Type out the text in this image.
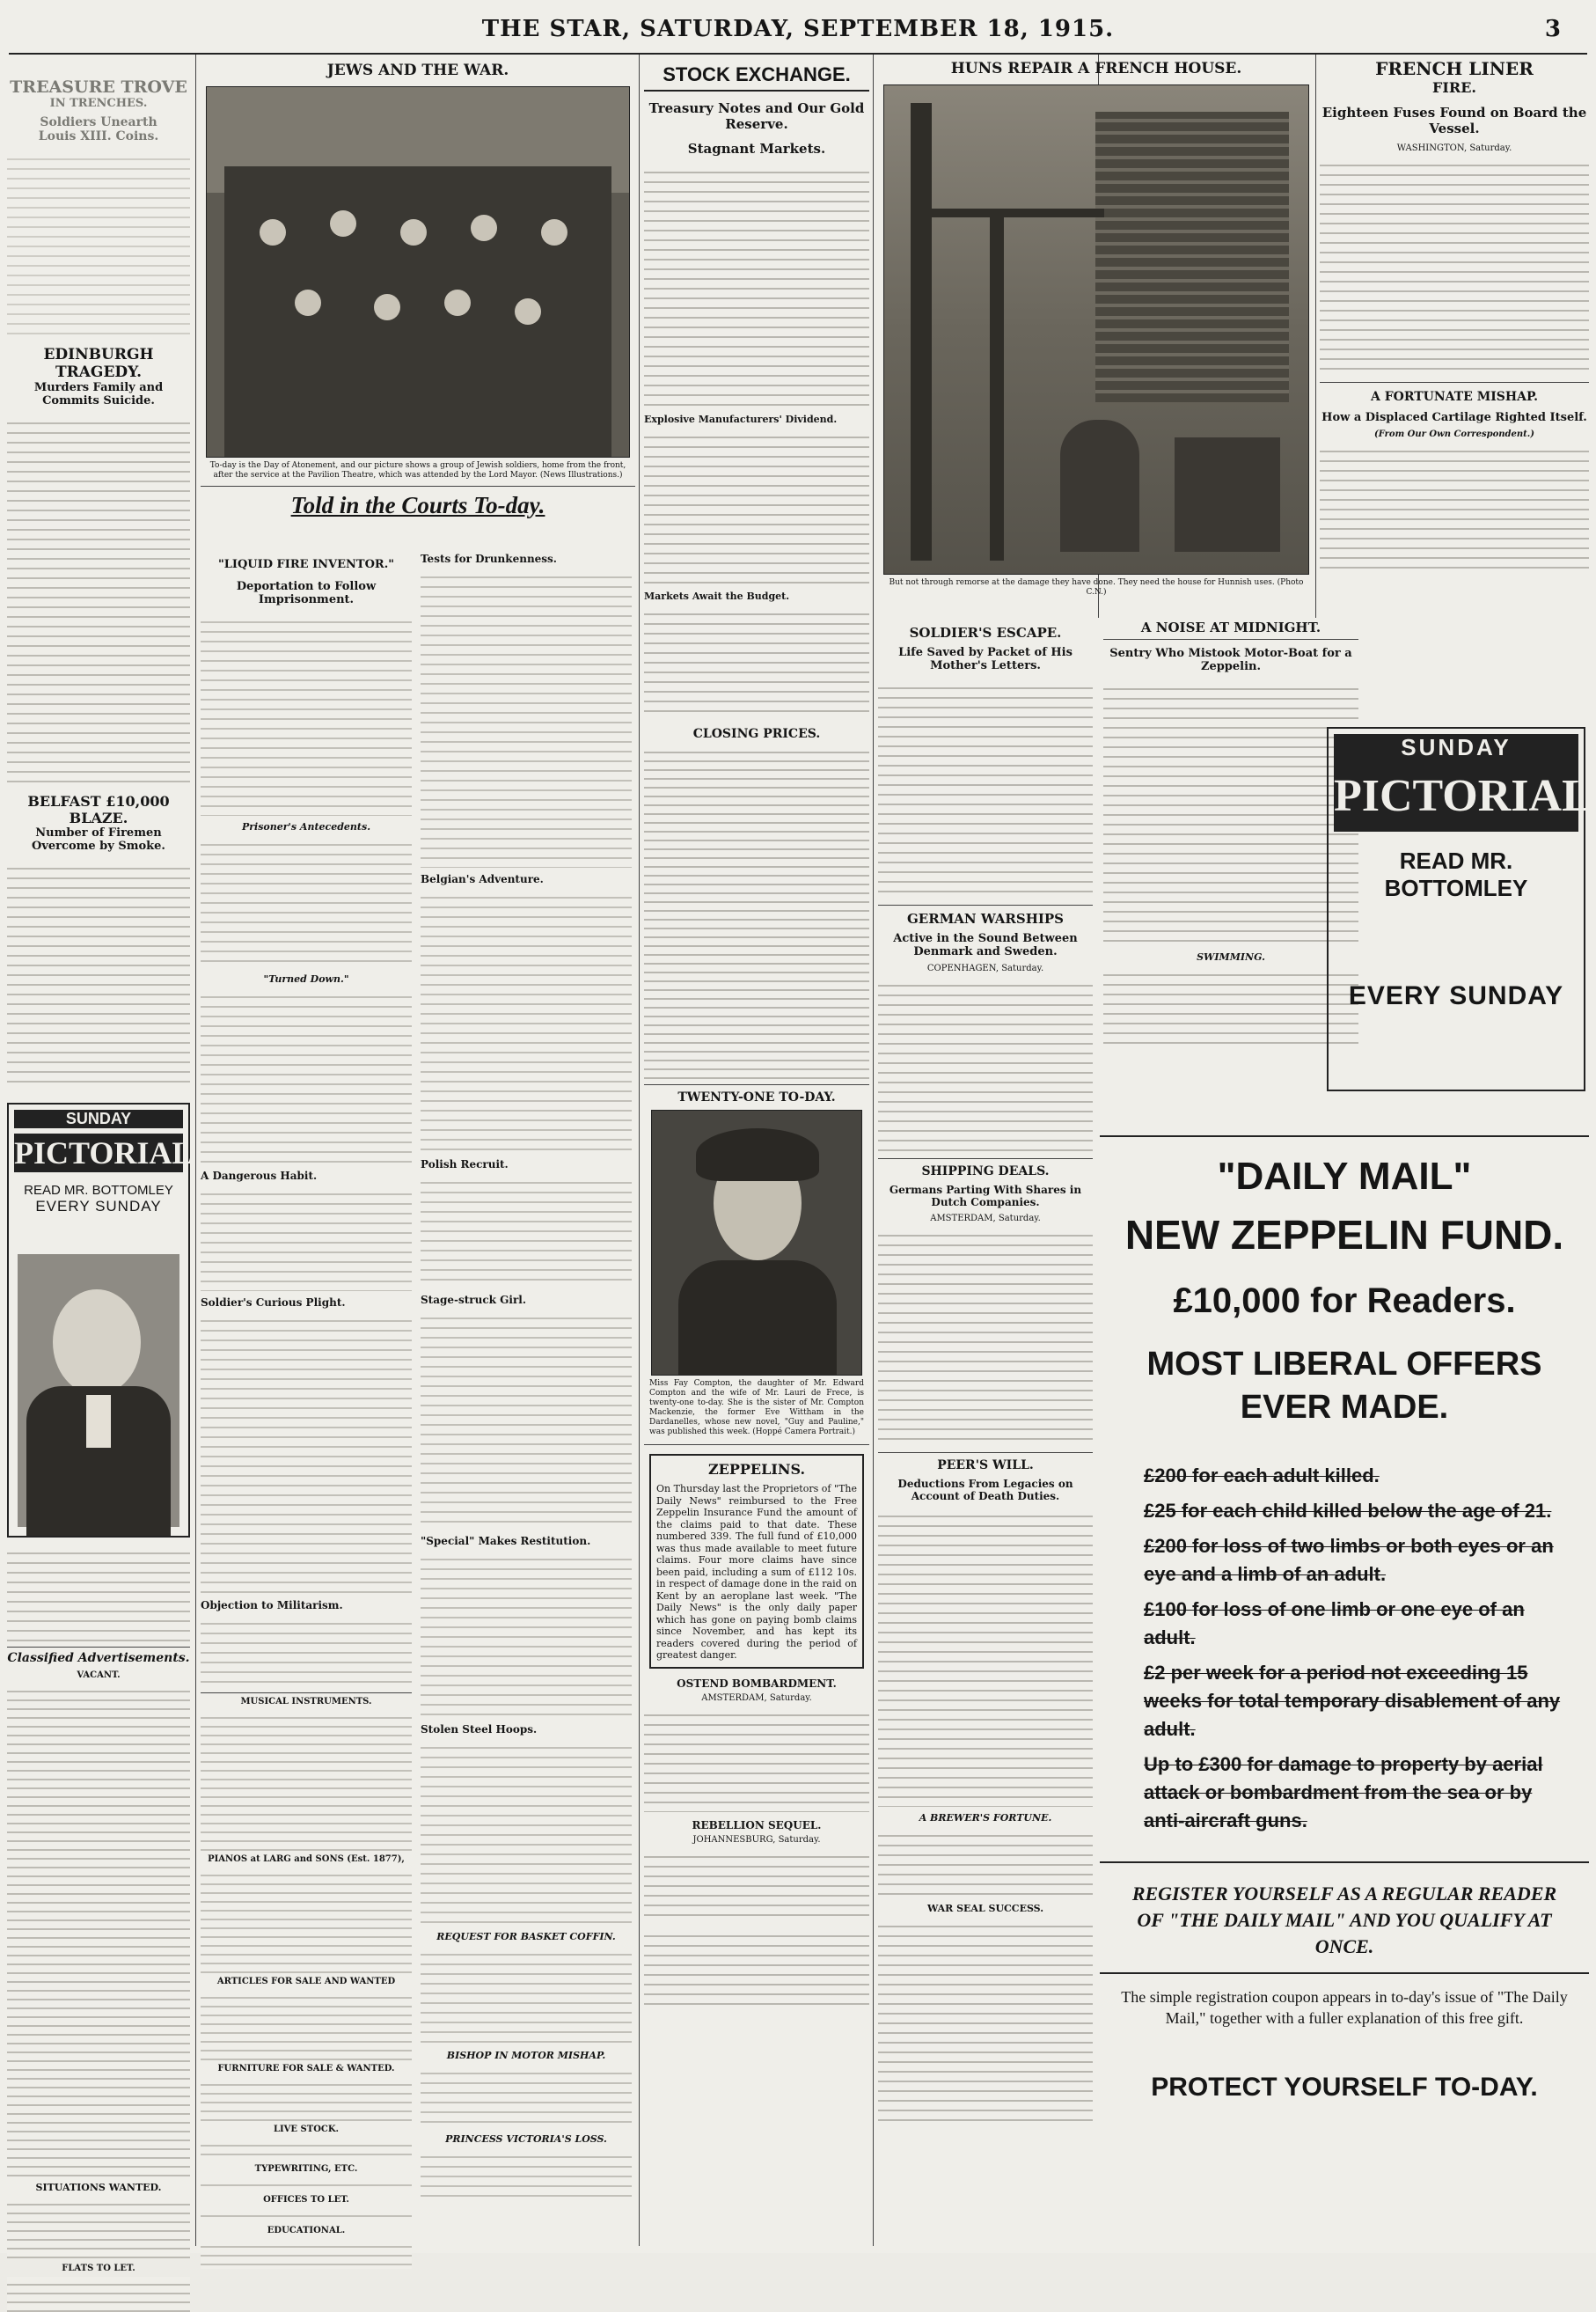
THE STAR, SATURDAY, SEPTEMBER 18, 1915.	3
TREASURE TROVE
IN TRENCHES.
Soldiers Unearth
Louis XIII. Coins.
EDINBURGH TRAGEDY.
Murders Family and Commits Suicide.
BELFAST £10,000 BLAZE.
Number of Firemen Overcome by Smoke.
SUNDAY
PICTORIAL
READ MR. BOTTOMLEY
EVERY SUNDAY
Classified Advertisements.
VACANT.
SITUATIONS WANTED.
FLATS TO LET.
JEWS AND THE WAR.
To-day is the Day of Atonement, and our picture shows a group of Jewish soldiers, home from the front, after the service at the Pavilion Theatre, which was attended by the Lord Mayor. (News Illustrations.)
Told in the Courts To-day.
"LIQUID FIRE INVENTOR."
Deportation to Follow Imprisonment.
Prisoner's Antecedents.
"Turned Down."
A Dangerous Habit.
Soldier's Curious Plight.
Objection to Militarism.
MUSICAL INSTRUMENTS.
PIANOS at LARG and SONS (Est. 1877),
ARTICLES FOR SALE AND WANTED
FURNITURE FOR SALE & WANTED.
LIVE STOCK.
TYPEWRITING, ETC.
OFFICES TO LET.
EDUCATIONAL.
Tests for Drunkenness.
Belgian's Adventure.
Polish Recruit.
Stage-struck Girl.
"Special" Makes Restitution.
Stolen Steel Hoops.
REQUEST FOR BASKET COFFIN.
BISHOP IN MOTOR MISHAP.
PRINCESS VICTORIA'S LOSS.
STOCK EXCHANGE.
Treasury Notes and Our Gold Reserve.
Stagnant Markets.
Explosive Manufacturers' Dividend.
Markets Await the Budget.
CLOSING PRICES.
TWENTY-ONE TO-DAY.
Miss Fay Compton, the daughter of Mr. Edward Compton and the wife of Mr. Lauri de Frece, is twenty-one to-day. She is the sister of Mr. Compton Mackenzie, the former Eve Wittham in the Dardanelles, whose new novel, "Guy and Pauline," was published this week. (Hoppé Camera Portrait.)
ZEPPELINS.
On Thursday last the Proprietors of "The Daily News" reimbursed to the Free Zeppelin Insurance Fund the amount of the claims paid to that date. These numbered 339. The full fund of £10,000 was thus made available to meet future claims. Four more claims have since been paid, including a sum of £112 10s. in respect of damage done in the raid on Kent by an aeroplane last week. "The Daily News" is the only daily paper which has gone on paying bomb claims since November, and has kept its readers covered during the period of greatest danger.
OSTEND BOMBARDMENT.
AMSTERDAM, Saturday.
REBELLION SEQUEL.
JOHANNESBURG, Saturday.
HUNS REPAIR A FRENCH HOUSE.
But not through remorse at the damage they have done. They need the house for Hunnish uses. (Photo C.N.)
SOLDIER'S ESCAPE.
Life Saved by Packet of His Mother's Letters.
GERMAN WARSHIPS
Active in the Sound Between Denmark and Sweden.
COPENHAGEN, Saturday.
SHIPPING DEALS.
Germans Parting With Shares in Dutch Companies.
AMSTERDAM, Saturday.
PEER'S WILL.
Deductions From Legacies on Account of Death Duties.
A BREWER'S FORTUNE.
WAR SEAL SUCCESS.
FRENCH LINER
FIRE.
Eighteen Fuses Found on Board the Vessel.
WASHINGTON, Saturday.
A FORTUNATE MISHAP.
How a Displaced Cartilage Righted Itself.
(From Our Own Correspondent.)
A NOISE AT MIDNIGHT.
Sentry Who Mistook Motor-Boat for a Zeppelin.
SWIMMING.
SUNDAY
PICTORIAL
READ MR. BOTTOMLEY
EVERY SUNDAY
"DAILY MAIL"
NEW ZEPPELIN FUND.
£10,000 for Readers.
MOST LIBERAL OFFERS
EVER MADE.
£200 for each adult killed.
£25 for each child killed below the age of 21.
£200 for loss of two limbs or both eyes or an eye and a limb of an adult.
£100 for loss of one limb or one eye of an adult.
£2 per week for a period not exceeding 15 weeks for total temporary disablement of any adult.
Up to £300 for damage to property by aerial attack or bombardment from the sea or by anti-aircraft guns.
REGISTER YOURSELF AS A REGULAR READER OF "THE DAILY MAIL" AND YOU QUALIFY AT ONCE.
The simple registration coupon appears in to-day's issue of "The Daily Mail," together with a fuller explanation of this free gift.
PROTECT YOURSELF TO-DAY.
